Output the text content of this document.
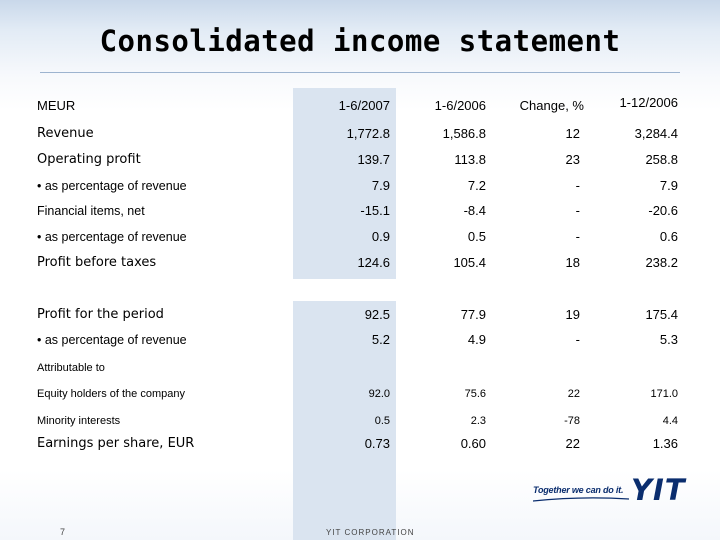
Consolidated income statement
MEUR	1-6/2007	1-6/2006	Change, %	1-12/2006
Revenue	1,772.8	1,586.8	12	3,284.4
Operating profit	139.7	113.8	23	258.8
• as percentage of revenue	7.9	7.2	-	7.9
Financial items, net	-15.1	-8.4	-	-20.6
• as percentage of revenue	0.9	0.5	-	0.6
Profit before taxes	124.6	105.4	18	238.2
Profit for the period	92.5	77.9	19	175.4
• as percentage of revenue	5.2	4.9	-	5.3
Attributable to
Equity holders of the company	92.0	75.6	22	171.0
Minority interests	0.5	2.3	-78	4.4
Earnings per share, EUR	0.73	0.60	22	1.36
Together we can do it. YIT
7	YIT CORPORATION
